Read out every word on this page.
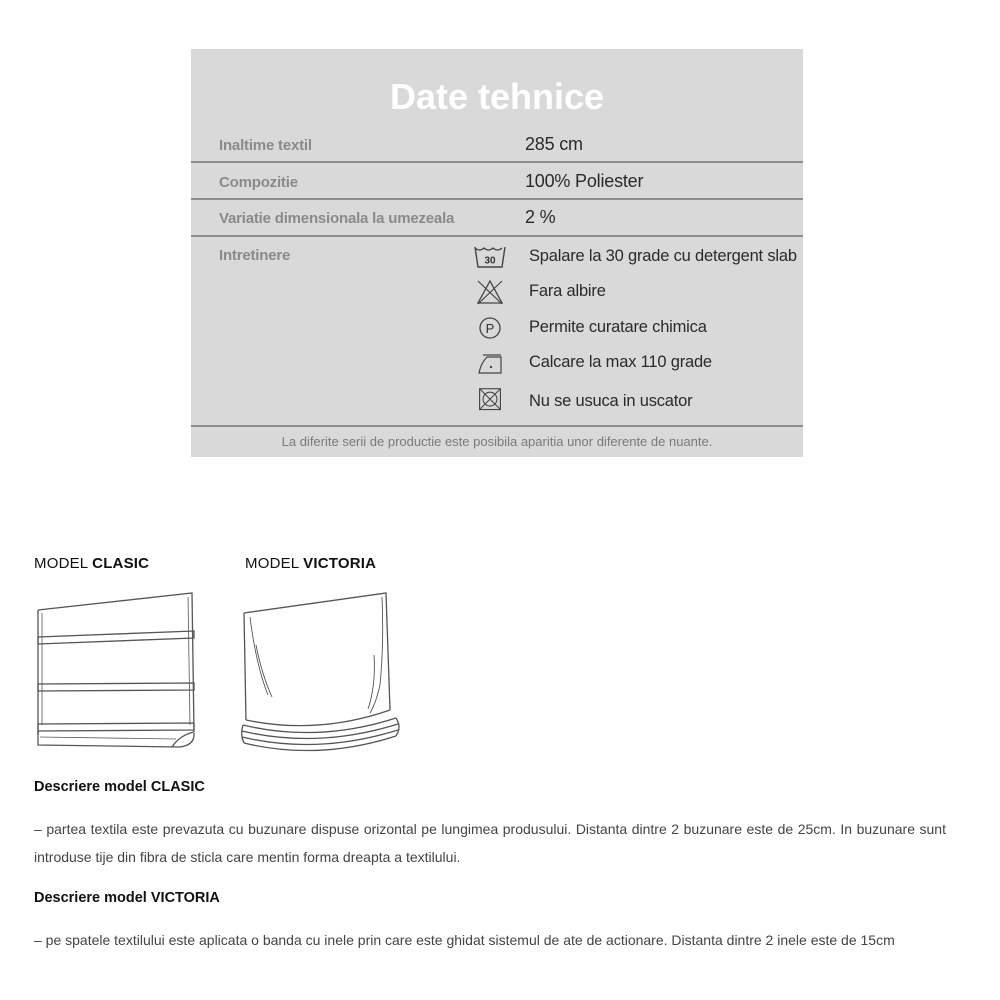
Date tehnice
Inaltime textil	285 cm
Compozitie	100% Poliester
Variatie dimensionala la umezeala	2 %
Intretinere	30 Spalare la 30 grade cu detergent slab
Fara albire
P Permite curatare chimica
Calcare la max 110 grade
Nu se usuca in uscator
La diferite serii de productie este posibila aparitia unor diferente de nuante.
MODEL CLASIC	MODEL VICTORIA
Descriere model CLASIC
– partea textila este prevazuta cu buzunare dispuse orizontal pe lungimea produsului. Distanta dintre 2 buzunare este de 25cm. In buzunare sunt introduse tije din fibra de sticla care mentin forma dreapta a textilului.
Descriere model VICTORIA
– pe spatele textilului este aplicata o banda cu inele prin care este ghidat sistemul de ate de actionare. Distanta dintre 2 inele este de 15cm
